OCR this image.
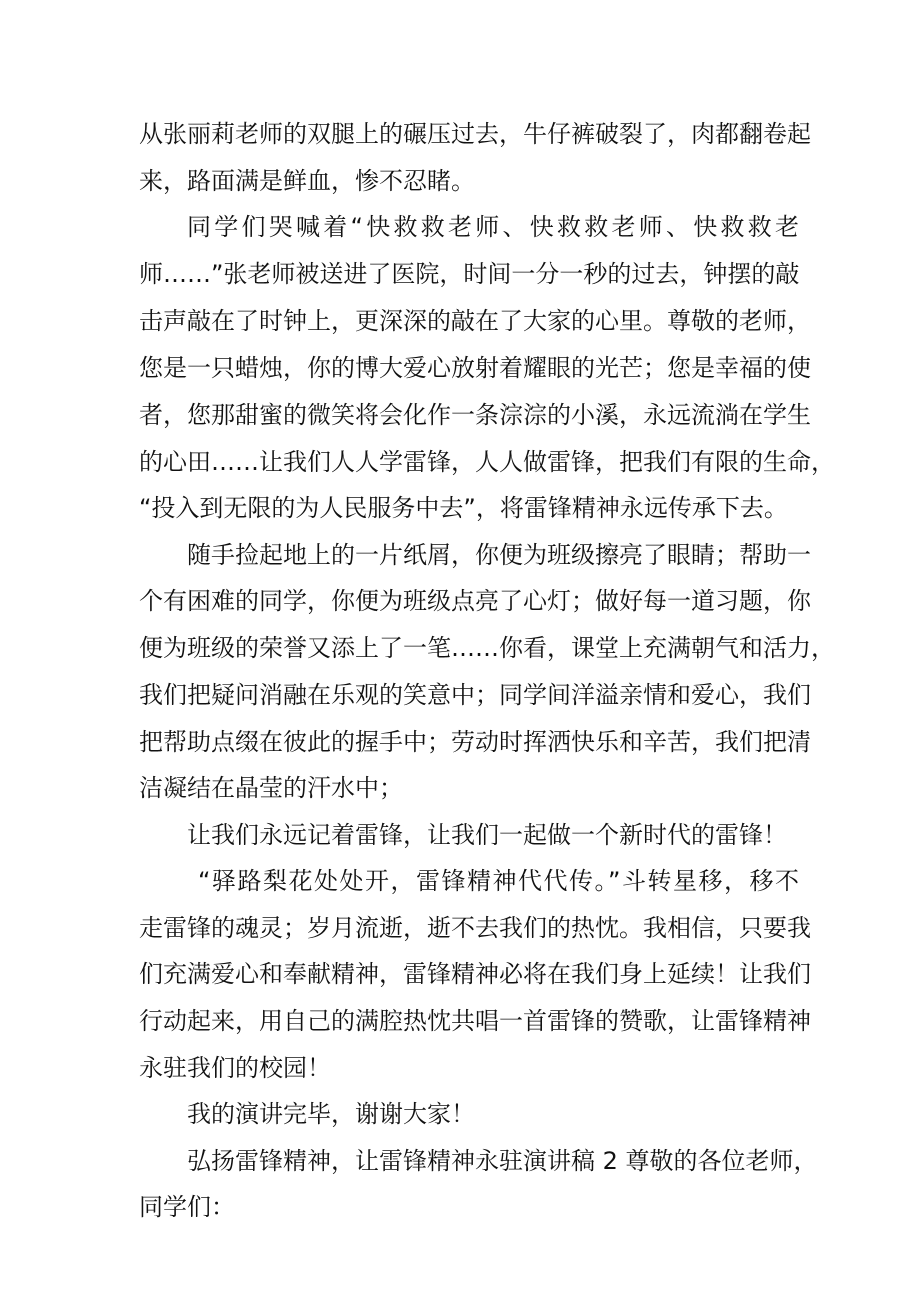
从张丽莉老师的双腿上的碾压过去，牛仔裤破裂了，肉都翻卷起

来，路面满是鲜血，惨不忍睹。

同学们哭喊着“快救救老师、快救救老师、快救救老

师……”张老师被送进了医院，时间一分一秒的过去，钟摆的敲

击声敲在了时钟上，更深深的敲在了大家的心里。尊敬的老师，

您是一只蜡烛，你的博大爱心放射着耀眼的光芒；您是幸福的使

者，您那甜蜜的微笑将会化作一条淙淙的小溪，永远流淌在学生

的心田……让我们人人学雷锋，人人做雷锋，把我们有限的生命，

“投入到无限的为人民服务中去”，将雷锋精神永远传承下去。

随手捡起地上的一片纸屑，你便为班级擦亮了眼睛；帮助一

个有困难的同学，你便为班级点亮了心灯；做好每一道习题，你

便为班级的荣誉又添上了一笔……你看，课堂上充满朝气和活力，

我们把疑问消融在乐观的笑意中；同学间洋溢亲情和爱心，我们

把帮助点缀在彼此的握手中；劳动时挥洒快乐和辛苦，我们把清

洁凝结在晶莹的汗水中；

让我们永远记着雷锋，让我们一起做一个新时代的雷锋！

“驿路梨花处处开，雷锋精神代代传。”斗转星移，移不

走雷锋的魂灵；岁月流逝，逝不去我们的热忱。我相信，只要我

们充满爱心和奉献精神，雷锋精神必将在我们身上延续！让我们

行动起来，用自己的满腔热忱共唱一首雷锋的赞歌，让雷锋精神

永驻我们的校园！

我的演讲完毕，谢谢大家！

弘扬雷锋精神，让雷锋精神永驻演讲稿 2 尊敬的各位老师，

同学们：
